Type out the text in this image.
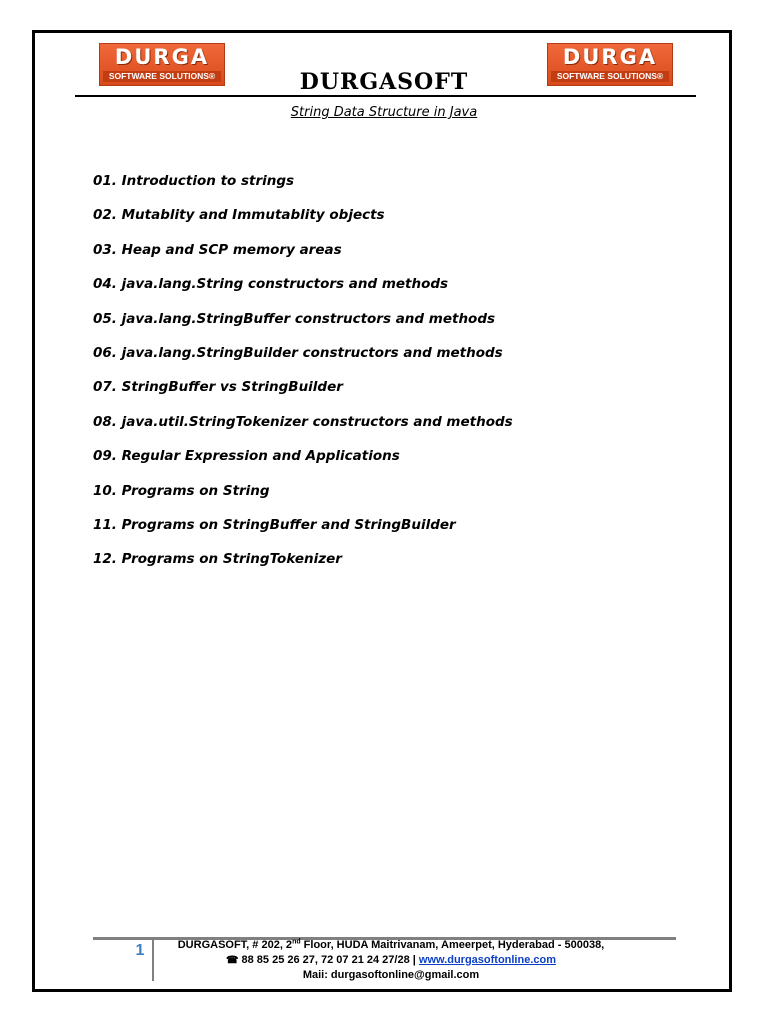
DURGA
SOFTWARE SOLUTIONS®
DURGA
SOFTWARE SOLUTIONS®
DURGASOFT
String Data Structure in Java
01. Introduction to strings
02. Mutablity and Immutablity objects
03. Heap and SCP memory areas
04. java.lang.String constructors and methods
05. java.lang.StringBuffer constructors and methods
06. java.lang.StringBuilder constructors and methods
07. StringBuffer vs StringBuilder
08. java.util.StringTokenizer constructors and methods
09. Regular Expression and Applications
10. Programs on String
11. Programs on StringBuffer and StringBuilder
12. Programs on StringTokenizer
1	DURGASOFT, # 202, 2nd Floor, HUDA Maitrivanam, Ameerpet, Hyderabad - 500038,
☎ 88 85 25 26 27, 72 07 21 24 27/28 | www.durgasoftonline.com
Maii: durgasoftonline@gmail.com
